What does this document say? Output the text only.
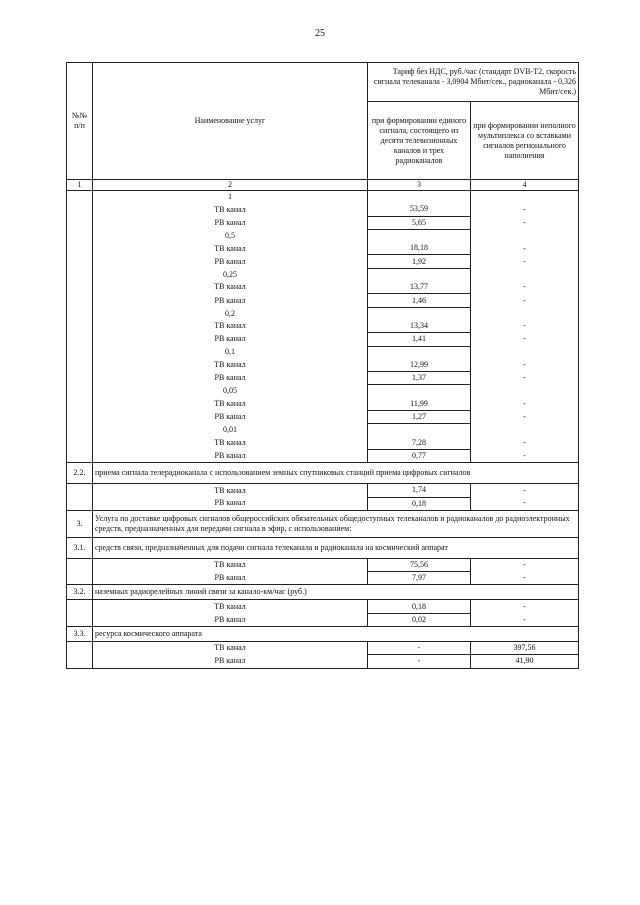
25
№№
п/п	Наименование услуг	Тариф без НДС, руб./час (стандарт DVB-T2, скорость сигнала телеканала - 3,0904 Мбит/сек., радиоканала - 0,326 Мбит/сек.)	
		при формировании единого сигнала, состоящего из десяти телевизионных каналов и трех радиоканалов	при формировании неполного мультиплекса со вставками сигналов регионального наполнения
1	2	3	4
	1		
	ТВ канал	53,59	-
	РВ канал	5,65	-
	0,5		
	ТВ канал	18,18	-
	РВ канал	1,92	-
	0,25		
	ТВ канал	13,77	-
	РВ канал	1,46	-
	0,2		
	ТВ канал	13,34	-
	РВ канал	1,41	-
	0,1		
	ТВ канал	12,99	-
	РВ канал	1,37	-
	0,05		
	ТВ канал	11,99	-
	РВ канал	1,27	-
	0,01		
	ТВ канал	7,28	-
	РВ канал	0,77	-
2.2.	приема сигнала телерадиоканала с использованием земных спутниковых станций приема цифровых сигналов		
	ТВ канал	1,74	-
	РВ канал	0,18	-
3.	Услуга по доставке цифровых сигналов общероссийских обязательных общедоступных телеканалов и радиоканалов до радиоэлектронных средств, предназначенных для передачи сигнала в эфир, с использованием:		
3.1.	средств связи, предназначенных для подачи сигнала телеканала и радиоканала на космический аппарат		
	ТВ канал	75,56	-
	РВ канал	7,97	-
3.2.	наземных радиорелейных линий связи за канало-км/час (руб.)		
	ТВ канал	0,18	-
	РВ канал	0,02	-
3.3.	ресурса космического аппарата		
	ТВ канал	-	397,56
	РВ канал	-	41,90
